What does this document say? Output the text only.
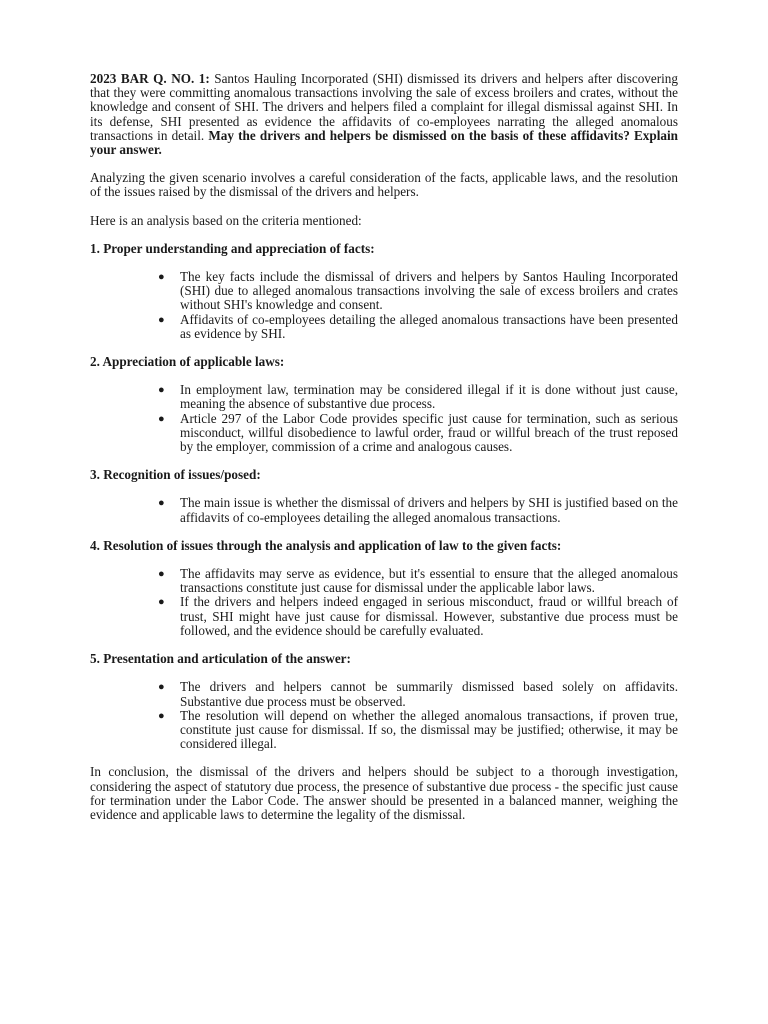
2023 BAR Q. NO. 1: Santos Hauling Incorporated (SHI) dismissed its drivers and helpers after discovering that they were committing anomalous transactions involving the sale of excess broilers and crates, without the knowledge and consent of SHI. The drivers and helpers filed a complaint for illegal dismissal against SHI. In its defense, SHI presented as evidence the affidavits of co-employees narrating the alleged anomalous transactions in detail. May the drivers and helpers be dismissed on the basis of these affidavits? Explain your answer.

Analyzing the given scenario involves a careful consideration of the facts, applicable laws, and the resolution of the issues raised by the dismissal of the drivers and helpers.

Here is an analysis based on the criteria mentioned:

1. Proper understanding and appreciation of facts:

● The key facts include the dismissal of drivers and helpers by Santos Hauling Incorporated (SHI) due to alleged anomalous transactions involving the sale of excess broilers and crates without SHI's knowledge and consent.
● Affidavits of co-employees detailing the alleged anomalous transactions have been presented as evidence by SHI.

2. Appreciation of applicable laws:

● In employment law, termination may be considered illegal if it is done without just cause, meaning the absence of substantive due process.
● Article 297 of the Labor Code provides specific just cause for termination, such as serious misconduct, willful disobedience to lawful order, fraud or willful breach of the trust reposed by the employer, commission of a crime and analogous causes.

3. Recognition of issues/posed:

● The main issue is whether the dismissal of drivers and helpers by SHI is justified based on the affidavits of co-employees detailing the alleged anomalous transactions.

4. Resolution of issues through the analysis and application of law to the given facts:

● The affidavits may serve as evidence, but it's essential to ensure that the alleged anomalous transactions constitute just cause for dismissal under the applicable labor laws.
● If the drivers and helpers indeed engaged in serious misconduct, fraud or willful breach of trust, SHI might have just cause for dismissal. However, substantive due process must be followed, and the evidence should be carefully evaluated.

5. Presentation and articulation of the answer:

● The drivers and helpers cannot be summarily dismissed based solely on affidavits. Substantive due process must be observed.
● The resolution will depend on whether the alleged anomalous transactions, if proven true, constitute just cause for dismissal. If so, the dismissal may be justified; otherwise, it may be considered illegal.

In conclusion, the dismissal of the drivers and helpers should be subject to a thorough investigation, considering the aspect of statutory due process, the presence of substantive due process - the specific just cause for termination under the Labor Code. The answer should be presented in a balanced manner, weighing the evidence and applicable laws to determine the legality of the dismissal.
